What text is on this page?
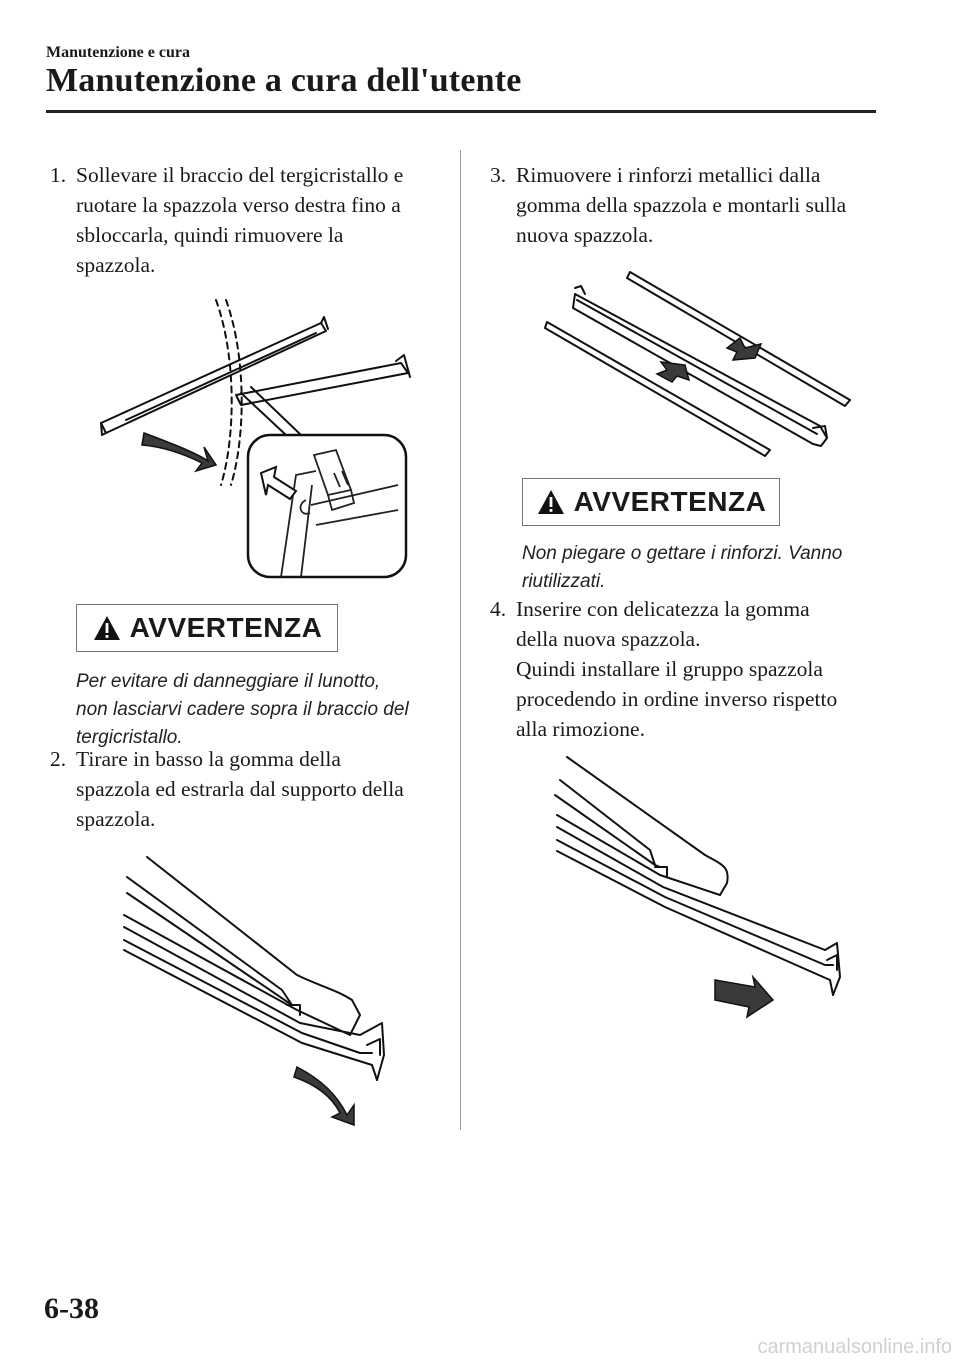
Manutenzione e cura
Manutenzione a cura dell'utente
1. Sollevare il braccio del tergicristallo e
ruotare la spazzola verso destra fino a
sbloccarla, quindi rimuovere la
spazzola.
AVVERTENZA
Per evitare di danneggiare il lunotto,
non lasciarvi cadere sopra il braccio del
tergicristallo.
2. Tirare in basso la gomma della
spazzola ed estrarla dal supporto della
spazzola.
3. Rimuovere i rinforzi metallici dalla
gomma della spazzola e montarli sulla
nuova spazzola.
AVVERTENZA
Non piegare o gettare i rinforzi. Vanno
riutilizzati.
4. Inserire con delicatezza la gomma
della nuova spazzola.
Quindi installare il gruppo spazzola
procedendo in ordine inverso rispetto
alla rimozione.
6-38
carmanualsonline.info
